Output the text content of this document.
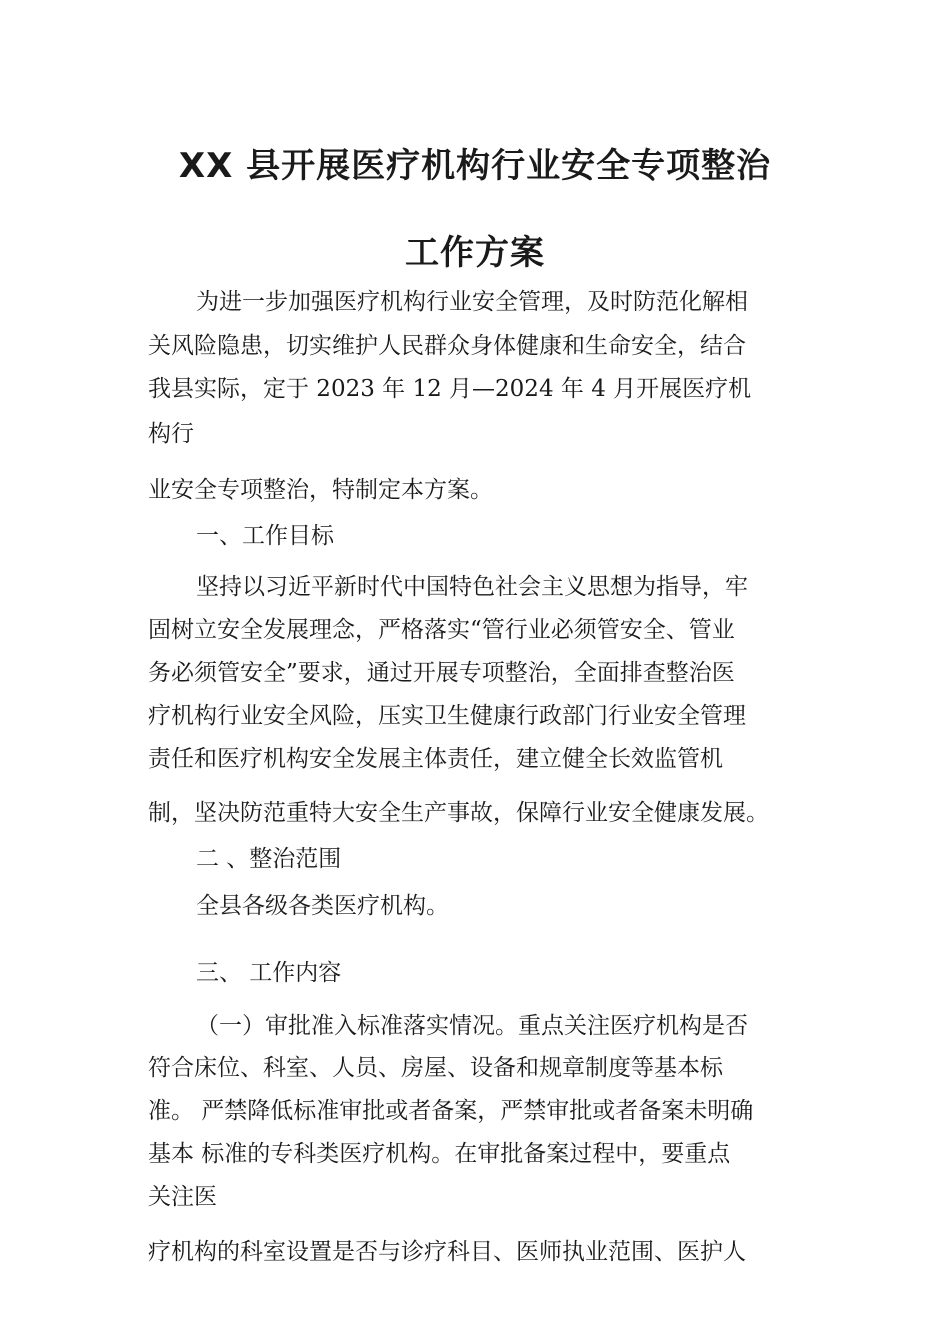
XX 县开展医疗机构行业安全专项整治
工作方案
为进一步加强医疗机构行业安全管理，及时防范化解相
关风险隐患，切实维护人民群众身体健康和生命安全，结合
我县实际，定于 2023 年 12 月—2024 年 4 月开展医疗机
构行
业安全专项整治，特制定本方案。
一、工作目标
坚持以习近平新时代中国特色社会主义思想为指导，牢
固树立安全发展理念，严格落实“管行业必须管安全、管业
务必须管安全”要求，通过开展专项整治，全面排查整治医
疗机构行业安全风险，压实卫生健康行政部门行业安全管理
责任和医疗机构安全发展主体责任，建立健全长效监管机
制，坚决防范重特大安全生产事故，保障行业安全健康发展。
二 、整治范围
全县各级各类医疗机构。
三、 工作内容
（一）审批准入标准落实情况。重点关注医疗机构是否
符合床位、科室、人员、房屋、设备和规章制度等基本标
准。 严禁降低标准审批或者备案，严禁审批或者备案未明确
基本 标准的专科类医疗机构。在审批备案过程中，要重点
关注医
疗机构的科室设置是否与诊疗科目、医师执业范围、医护人
